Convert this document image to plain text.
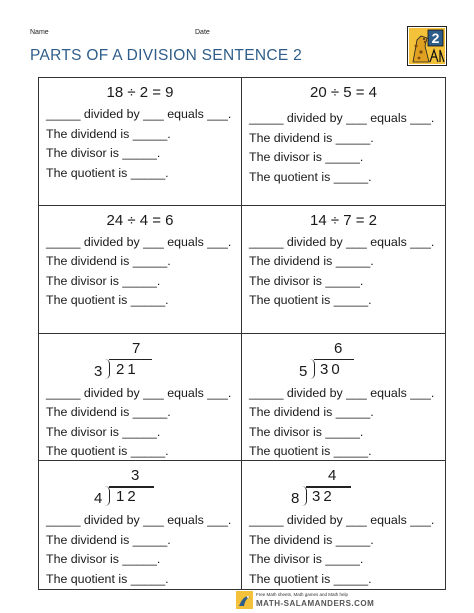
Name	Date
PARTS OF A DIVISION SENTENCE 2
2
18 ÷ 2 = 9
_____ divided by ___ equals ___.
The dividend is _____.
The divisor is _____.
The quotient is _____.
20 ÷ 5 = 4
_____ divided by ___ equals ___.
The dividend is _____.
The divisor is _____.
The quotient is _____.
24 ÷ 4 = 6
_____ divided by ___ equals ___.
The dividend is _____.
The divisor is _____.
The quotient is _____.
14 ÷ 7 = 2
_____ divided by ___ equals ___.
The dividend is _____.
The divisor is _____.
The quotient is _____.
7
3 21
_____ divided by ___ equals ___.
The dividend is _____.
The divisor is _____.
The quotient is _____.
6
5 30
_____ divided by ___ equals ___.
The dividend is _____.
The divisor is _____.
The quotient is _____.
3
4 12
_____ divided by ___ equals ___.
The dividend is _____.
The divisor is _____.
The quotient is _____.
4
8 32
_____ divided by ___ equals ___.
The dividend is _____.
The divisor is _____.
The quotient is _____.
Free Math sheets, Math games and Math help
MATH-SALAMANDERS.COM
